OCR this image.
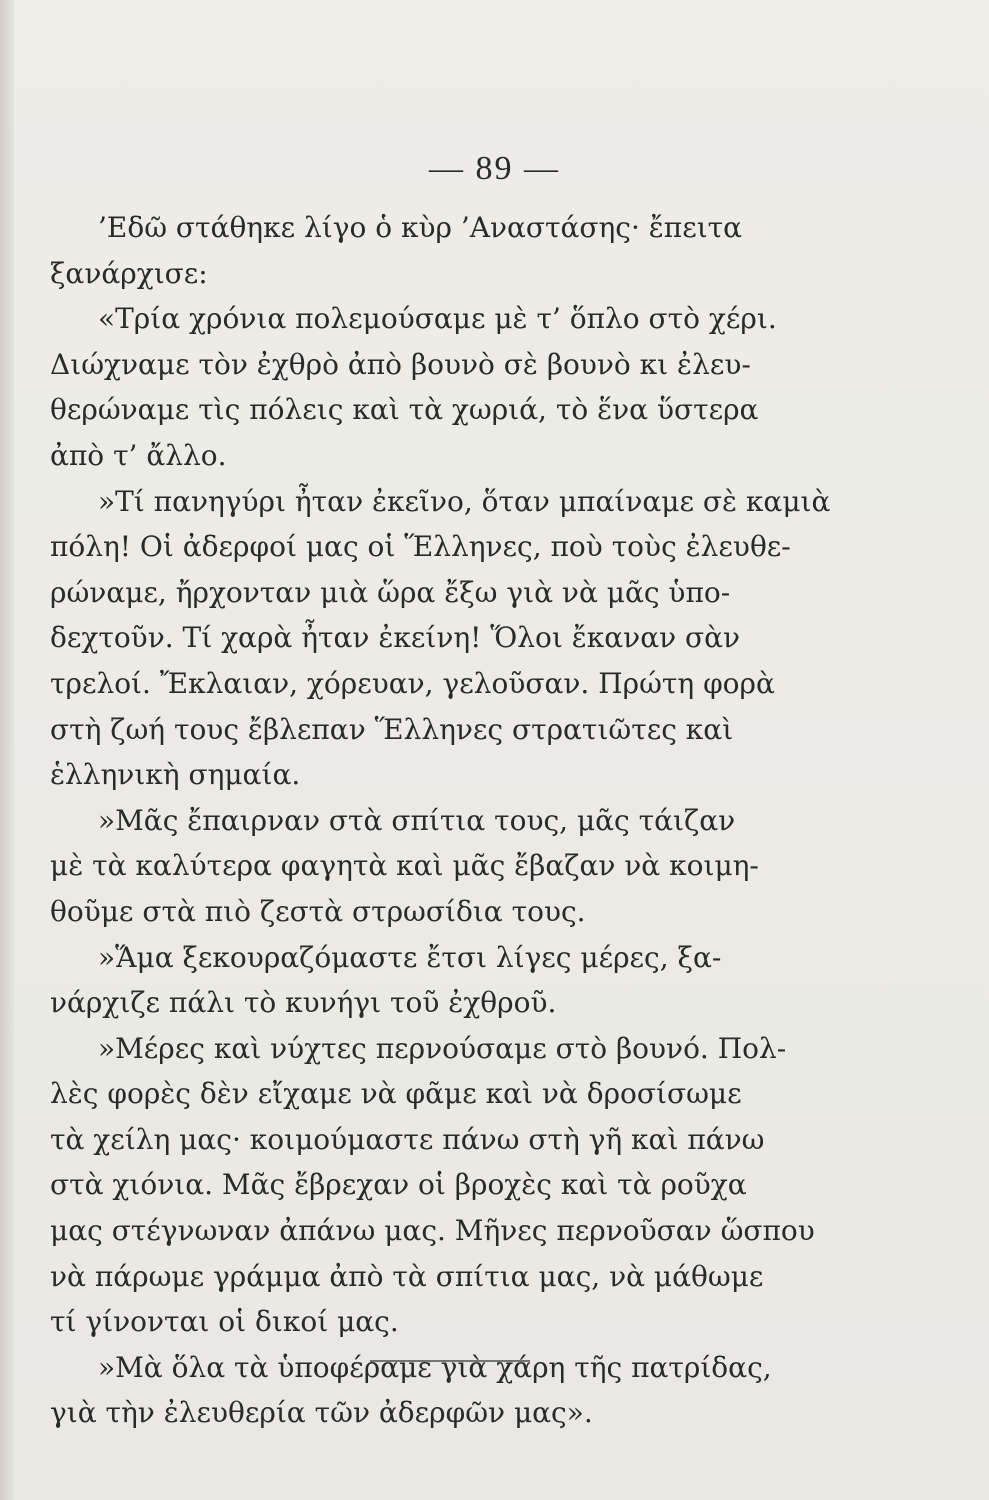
— 89 —
’Εδῶ στάθηκε λίγο ὁ κὺρ ’Αναστάσης· ἔπειτα
ξανάρχισε:
«Τρία χρόνια πολεμούσαμε μὲ τ’ ὅπλο στὸ χέρι.
Διώχναμε τὸν ἐχθρὸ ἀπὸ βουνὸ σὲ βουνὸ κι ἐλευ-
θερώναμε τὶς πόλεις καὶ τὰ χωριά, τὸ ἕνα ὕστερα
ἀπὸ τ’ ἄλλο.
»Τί πανηγύρι ἦταν ἐκεῖνο, ὅταν μπαίναμε σὲ καμιὰ
πόλη! Οἱ ἀδερφοί μας οἱ Ἕλληνες, ποὺ τοὺς ἐλευθε-
ρώναμε, ἤρχονταν μιὰ ὥρα ἔξω γιὰ νὰ μᾶς ὑπο-
δεχτοῦν. Τί χαρὰ ἦταν ἐκείνη! Ὅλοι ἔκαναν σὰν
τρελοί. Ἔκλαιαν, χόρευαν, γελοῦσαν. Πρώτη φορὰ
στὴ ζωή τους ἔβλεπαν Ἕλληνες στρατιῶτες καὶ
ἑλληνικὴ σημαία.
»Μᾶς ἔπαιρναν στὰ σπίτια τους, μᾶς τάιζαν
μὲ τὰ καλύτερα φαγητὰ καὶ μᾶς ἔβαζαν νὰ κοιμη-
θοῦμε στὰ πιὸ ζεστὰ στρωσίδια τους.
»Ἅμα ξεκουραζόμαστε ἔτσι λίγες μέρες, ξα-
νάρχιζε πάλι τὸ κυνήγι τοῦ ἐχθροῦ.
»Μέρες καὶ νύχτες περνούσαμε στὸ βουνό. Πολ-
λὲς φορὲς δὲν εἴχαμε νὰ φᾶμε καὶ νὰ δροσίσωμε
τὰ χείλη μας· κοιμούμαστε πάνω στὴ γῆ καὶ πάνω
στὰ χιόνια. Μᾶς ἔβρεχαν οἱ βροχὲς καὶ τὰ ροῦχα
μας στέγνωναν ἀπάνω μας. Μῆνες περνοῦσαν ὥσπου
νὰ πάρωμε γράμμα ἀπὸ τὰ σπίτια μας, νὰ μάθωμε
τί γίνονται οἱ δικοί μας.
»Μὰ ὅλα τὰ ὑποφέραμε γιὰ χάρη τῆς πατρίδας,
γιὰ τὴν ἐλευθερία τῶν ἀδερφῶν μας».
